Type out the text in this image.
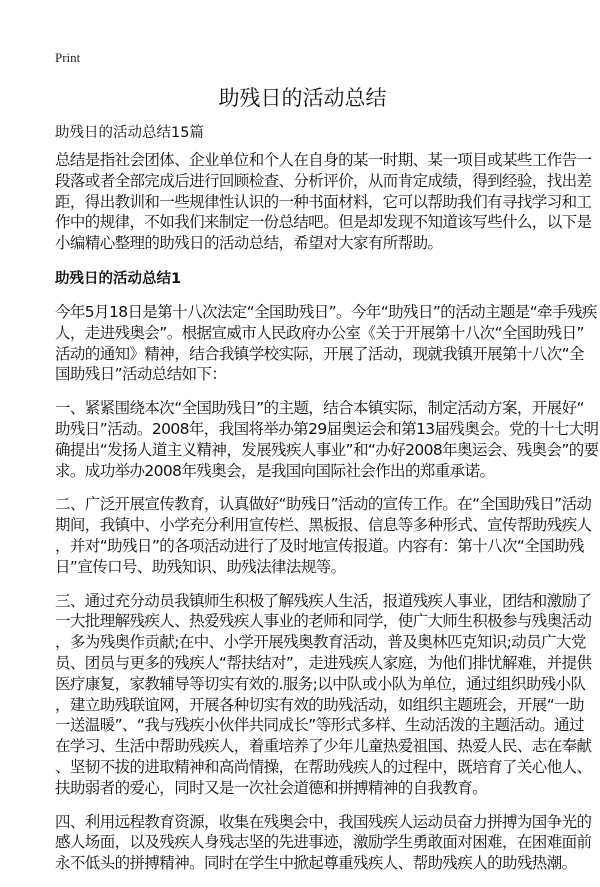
Print
助残日的活动总结
助残日的活动总结15篇
总结是指社会团体、企业单位和个人在自身的某一时期、某一项目或某些工作告一
段落或者全部完成后进行回顾检查、分析评价，从而肯定成绩，得到经验，找出差
距，得出教训和一些规律性认识的一种书面材料，它可以帮助我们有寻找学习和工
作中的规律，不如我们来制定一份总结吧。但是却发现不知道该写些什么，以下是
小编精心整理的助残日的活动总结，希望对大家有所帮助。
助残日的活动总结1
今年5月18日是第十八次法定“全国助残日”。今年“助残日”的活动主题是“牵手残疾
人，走进残奥会”。根据宣威市人民政府办公室《关于开展第十八次“全国助残日”
活动的通知》精神，结合我镇学校实际，开展了活动，现就我镇开展第十八次“全
国助残日”活动总结如下：
一、紧紧围绕本次“全国助残日”的主题，结合本镇实际，制定活动方案，开展好“
助残日”活动。2008年，我国将举办第29届奥运会和第13届残奥会。党的十七大明
确提出“发扬人道主义精神，发展残疾人事业”和“办好2008年奥运会、残奥会”的要
求。成功举办2008年残奥会，是我国向国际社会作出的郑重承诺。
二、广泛开展宣传教育，认真做好“助残日”活动的宣传工作。在“全国助残日”活动
期间，我镇中、小学充分利用宣传栏、黑板报、信息等多种形式、宣传帮助残疾人
，并对“助残日”的各项活动进行了及时地宣传报道。内容有：第十八次“全国助残
日”宣传口号、助残知识、助残法律法规等。
三、通过充分动员我镇师生积极了解残疾人生活，报道残疾人事业，团结和激励了
一大批理解残疾人、热爱残疾人事业的老师和同学，使广大师生积极参与残奥活动
，多为残奥作贡献;在中、小学开展残奥教育活动，普及奥林匹克知识;动员广大党
员、团员与更多的残疾人“帮扶结对”，走进残疾人家庭，为他们排忧解难，并提供
医疗康复，家教辅导等切实有效的.服务;以中队或小队为单位，通过组织助残小队
，建立助残联谊网，开展各种切实有效的助残活动，如组织主题班会，开展“一助
一送温暖”、“我与残疾小伙伴共同成长”等形式多样、生动活泼的主题活动。通过
在学习、生活中帮助残疾人，着重培养了少年儿童热爱祖国、热爱人民、志在奉献
、坚韧不拔的进取精神和高尚情操，在帮助残疾人的过程中，既培育了关心他人、
扶助弱者的爱心，同时又是一次社会道德和拼搏精神的自我教育。
四、利用远程教育资源，收集在残奥会中，我国残疾人运动员奋力拼搏为国争光的
感人场面，以及残疾人身残志坚的先进事迹，激励学生勇敢面对困难，在困难面前
永不低头的拼搏精神。同时在学生中掀起尊重残疾人、帮助残疾人的助残热潮。
